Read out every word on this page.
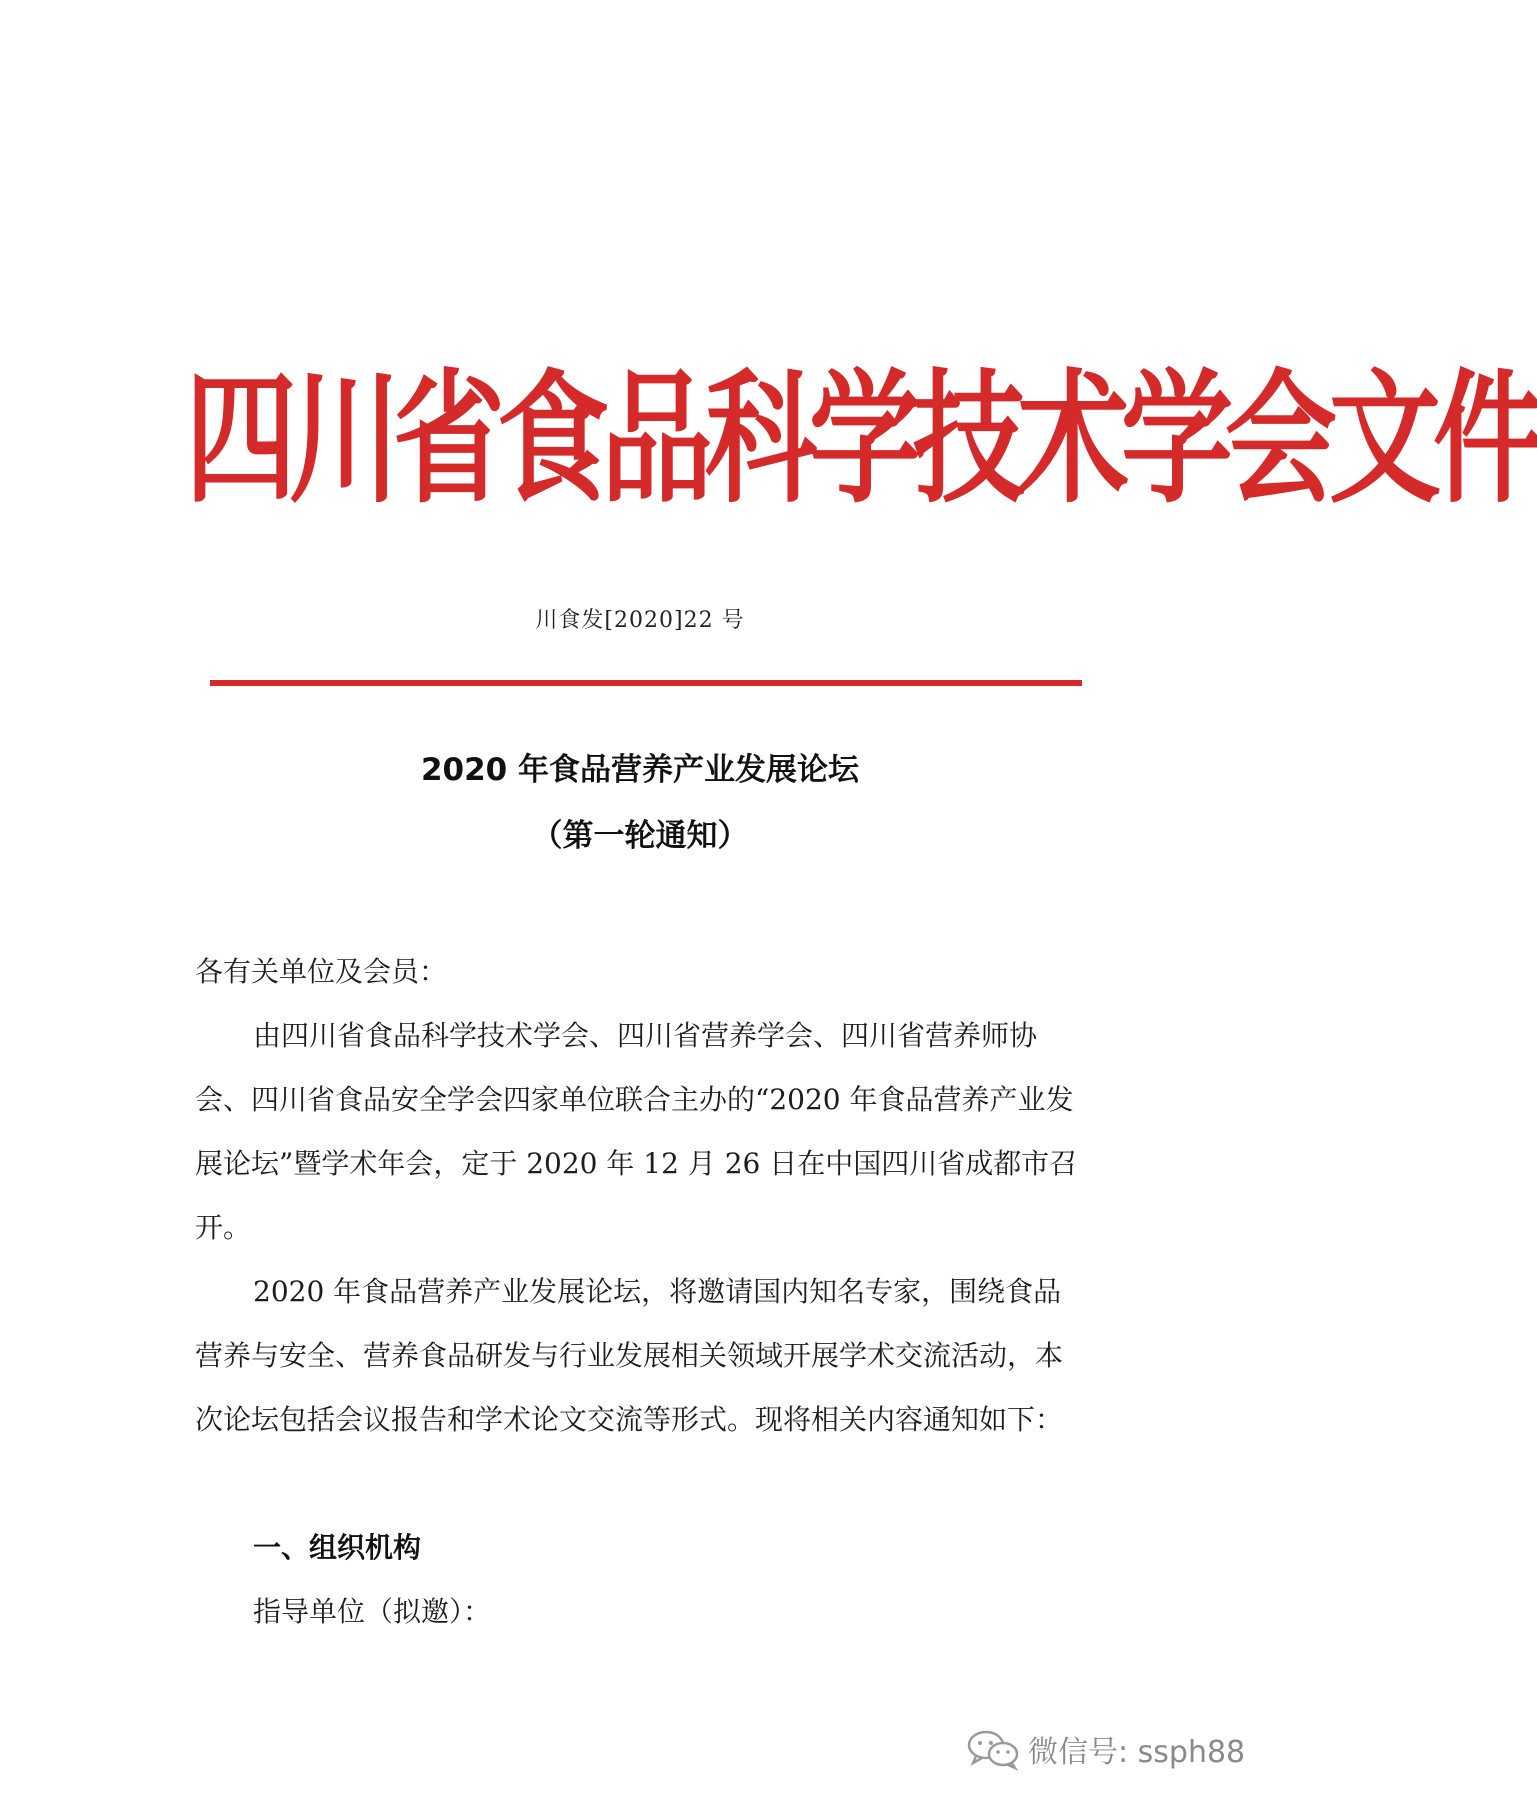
四 川 省 食 品 科 学 技 术 学 会 文 件
川食发[2020]22 号
2020 年食品营养产业发展论坛
（第一轮通知）
各有关单位及会员：
由四川省食品科学技术学会、四川省营养学会、四川省营养师协会、四川省食品安全学会四家单位联合主办的“2020 年食品营养产业发展论坛”暨学术年会，定于 2020 年 12 月 26 日在中国四川省成都市召开。
2020 年食品营养产业发展论坛，将邀请国内知名专家，围绕食品营养与安全、营养食品研发与行业发展相关领域开展学术交流活动，本次论坛包括会议报告和学术论文交流等形式。现将相关内容通知如下：
一、组织机构
指导单位（拟邀）：
微信号: ssph88
